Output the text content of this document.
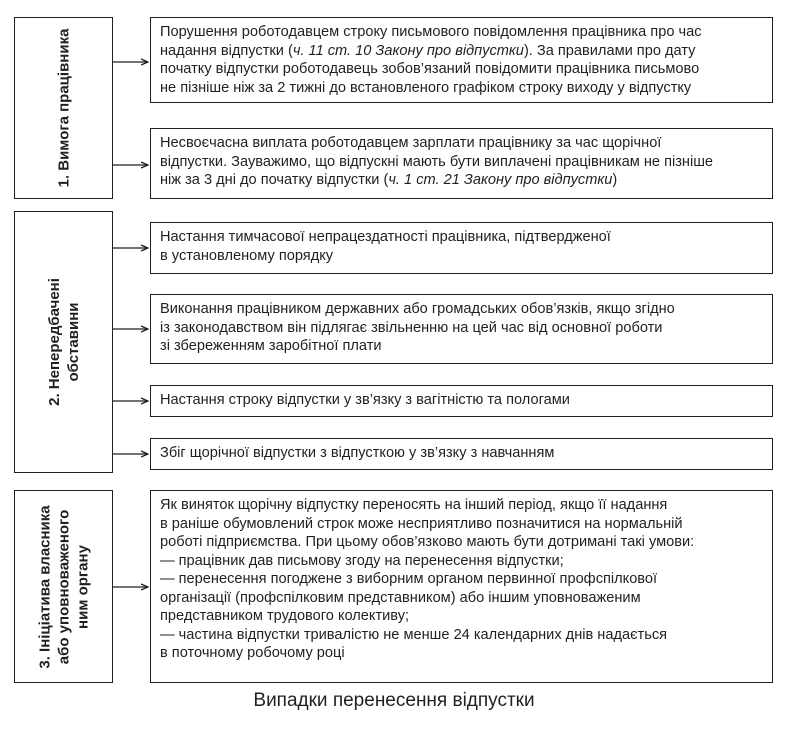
1. Вимога працівника
2. Непередбачені обставини
3. Ініціатива власника або уповноваженого ним органу

Порушення роботодавцем строку письмового повідомлення працівника про час

надання відпустки (ч. 11 ст. 10 Закону про відпустки). За правилами про дату

початку відпустки роботодавець зобов’язаний повідомити працівника письмово

не пізніше ніж за 2 тижні до встановленого графіком строку виходу у відпустку

Несвоєчасна виплата роботодавцем зарплати працівнику за час щорічної

відпустки. Зауважимо, що відпускні мають бути виплачені працівникам не пізніше

ніж за 3 дні до початку відпустки (ч. 1 ст. 21 Закону про відпустки)

Настання тимчасової непрацездатності працівника, підтвердженої

в установленому порядку

Виконання працівником державних або громадських обов’язків, якщо згідно

із законодавством він підлягає звільненню на цей час від основної роботи

зі збереженням заробітної плати

Настання строку відпустки у зв’язку з вагітністю та пологами

Збіг щорічної відпустки з відпусткою у зв’язку з навчанням

Як виняток щорічну відпустку переносять на інший період, якщо її надання

в раніше обумовлений строк може несприятливо позначитися на нормальній

роботі підприємства. При цьому обов’язково мають бути дотримані такі умови:

— працівник дав письмову згоду на перенесення відпустки;

— перенесення погоджене з виборним органом первинної профспілкової

організації (профспілковим представником) або іншим уповноваженим

представником трудового колективу;

— частина відпустки тривалістю не менше 24 календарних днів надається

в поточному робочому році

Випадки перенесення відпустки
